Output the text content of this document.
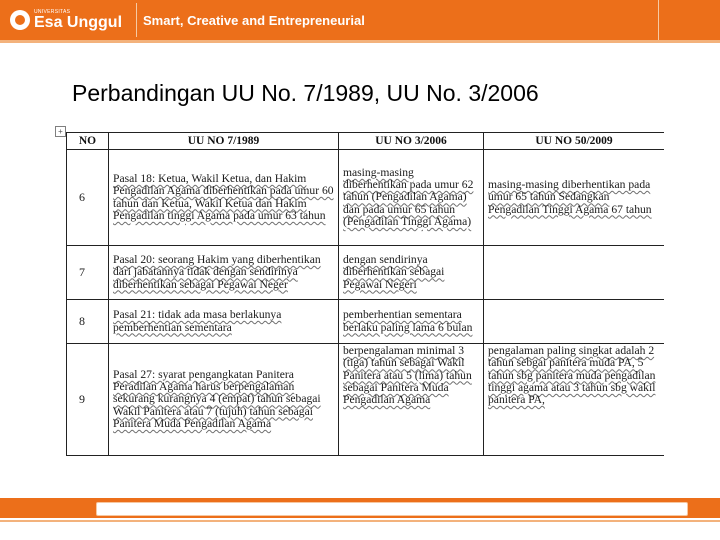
UNIVERSITAS
Esa Unggul Smart, Creative and Entrepreneurial
Perbandingan UU No. 7/1989, UU No. 3/2006
+
NO	UU NO 7/1989	UU NO 3/2006	UU NO 50/2009
6	Pasal 18: Ketua, Wakil Ketua, dan Hakim Pengadilan Agama diberhentikan pada umur 60 tahun dan Ketua, Wakil Ketua dan Hakim Pengadilan tinggi Agama pada umur 63 tahun	masing-masing diberhentikan pada umur 62 tahun (Pengadilan Agama) dan pada umur 65 tahun (Pengadilan Tinggi Agama)	masing-masing diberhentikan pada umur 65 tahun Sedangkan Pengadilan Tinggi Agama 67 tahun
7	Pasal 20: seorang Hakim yang diberhentikan dari jabatannya tidak dengan sendirinya diberhentikan sebagai Pegawai Neger	dengan sendirinya diberhentikan sebagai Pegawai Negeri	
8	Pasal 21: tidak ada masa berlakunya pemberhentian sementara	pemberhentian sementara berlaku paling lama 6 bulan	
9	Pasal 27: syarat pengangkatan Panitera Peradilan Agama harus berpengalaman sekurang kurangnya 4 (empat) tahun sebagai Wakil Panitera atau 7 (tujuh) tahun sebagai Panitera Muda Pengadilan Agama	berpengalaman minimal 3 (tiga) tahun sebagai Wakil Panitera atau 5 (lima) tahun sebagai Panitera Muda Pengadilan Agama	pengalaman paling singkat adalah 2 tahun sebgai panitera muda PA, 5 tahun sbg panitera muda pengadilan tinggi agama atau 3 tahun sbg wakil panitera PA,
